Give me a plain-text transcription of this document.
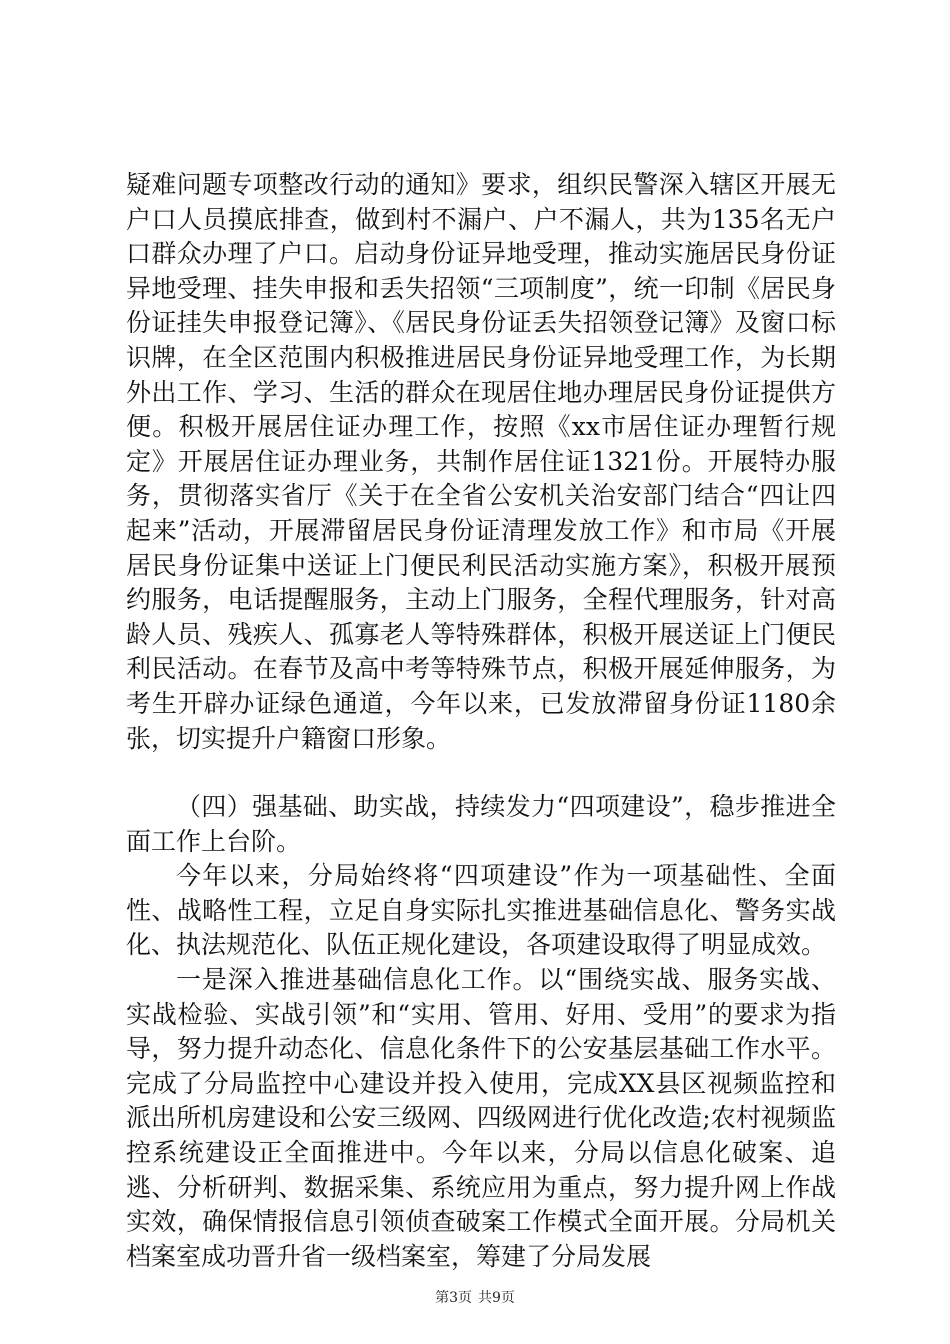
疑难问题专项整改行动的通知》要求，组织民警深入辖区开展无户口人员摸底排查，做到村不漏户、户不漏人，共为135名无户口群众办理了户口。启动身份证异地受理，推动实施居民身份证异地受理、挂失申报和丢失招领“三项制度”，统一印制《居民身份证挂失申报登记簿》、《居民身份证丢失招领登记簿》及窗口标识牌，在全区范围内积极推进居民身份证异地受理工作，为长期外出工作、学习、生活的群众在现居住地办理居民身份证提供方便。积极开展居住证办理工作，按照《xx市居住证办理暂行规定》开展居住证办理业务，共制作居住证1321份。开展特办服务，贯彻落实省厅《关于在全省公安机关治安部门结合“四让四起来”活动，开展滞留居民身份证清理发放工作》和市局《开展居民身份证集中送证上门便民利民活动实施方案》，积极开展预约服务，电话提醒服务，主动上门服务，全程代理服务，针对高龄人员、残疾人、孤寡老人等特殊群体，积极开展送证上门便民利民活动。在春节及高中考等特殊节点，积极开展延伸服务，为考生开辟办证绿色通道，今年以来，已发放滞留身份证1180余张，切实提升户籍窗口形象。

（四）强基础、助实战，持续发力“四项建设”，稳步推进全面工作上台阶。

今年以来，分局始终将“四项建设”作为一项基础性、全面性、战略性工程，立足自身实际扎实推进基础信息化、警务实战化、执法规范化、队伍正规化建设，各项建设取得了明显成效。

一是深入推进基础信息化工作。以“围绕实战、服务实战、实战检验、实战引领”和“实用、管用、好用、受用”的要求为指导，努力提升动态化、信息化条件下的公安基层基础工作水平。完成了分局监控中心建设并投入使用，完成XX县区视频监控和派出所机房建设和公安三级网、四级网进行优化改造;农村视频监控系统建设正全面推进中。今年以来，分局以信息化破案、追逃、分析研判、数据采集、系统应用为重点，努力提升网上作战实效，确保情报信息引领侦查破案工作模式全面开展。分局机关档案室成功晋升省一级档案室，筹建了分局发展

第3页 共9页
